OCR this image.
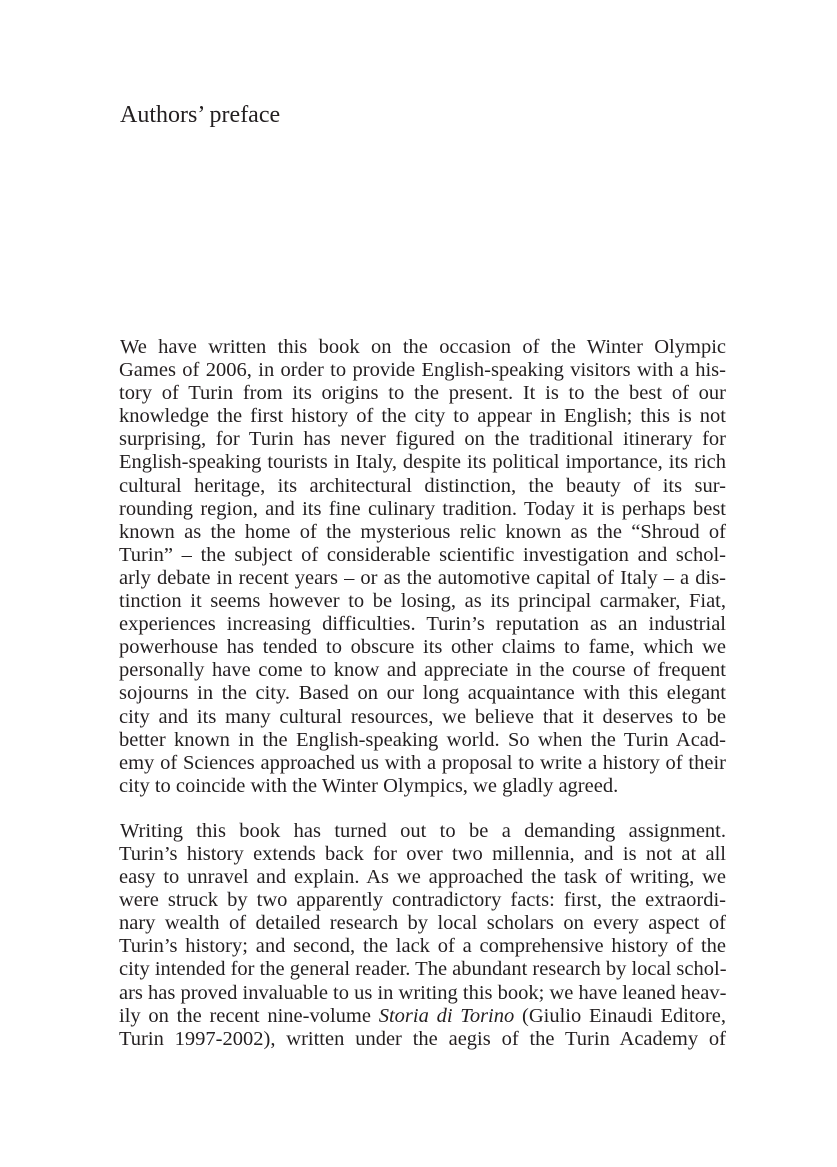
Authors’ preface

We have written this book on the occasion of the Winter Olympic
Games of 2006, in order to provide English-speaking visitors with a his-
tory of Turin from its origins to the present. It is to the best of our
knowledge the first history of the city to appear in English; this is not
surprising, for Turin has never figured on the traditional itinerary for
English-speaking tourists in Italy, despite its political importance, its rich
cultural heritage, its architectural distinction, the beauty of its sur-
rounding region, and its fine culinary tradition. Today it is perhaps best
known as the home of the mysterious relic known as the “Shroud of
Turin” – the subject of considerable scientific investigation and schol-
arly debate in recent years – or as the automotive capital of Italy – a dis-
tinction it seems however to be losing, as its principal carmaker, Fiat,
experiences increasing difficulties. Turin’s reputation as an industrial
powerhouse has tended to obscure its other claims to fame, which we
personally have come to know and appreciate in the course of frequent
sojourns in the city. Based on our long acquaintance with this elegant
city and its many cultural resources, we believe that it deserves to be
better known in the English-speaking world. So when the Turin Acad-
emy of Sciences approached us with a proposal to write a history of their
city to coincide with the Winter Olympics, we gladly agreed.

Writing this book has turned out to be a demanding assignment.
Turin’s history extends back for over two millennia, and is not at all
easy to unravel and explain. As we approached the task of writing, we
were struck by two apparently contradictory facts: first, the extraordi-
nary wealth of detailed research by local scholars on every aspect of
Turin’s history; and second, the lack of a comprehensive history of the
city intended for the general reader. The abundant research by local schol-
ars has proved invaluable to us in writing this book; we have leaned heav-
ily on the recent nine-volume Storia di Torino (Giulio Einaudi Editore,
Turin 1997-2002), written under the aegis of the Turin Academy of
